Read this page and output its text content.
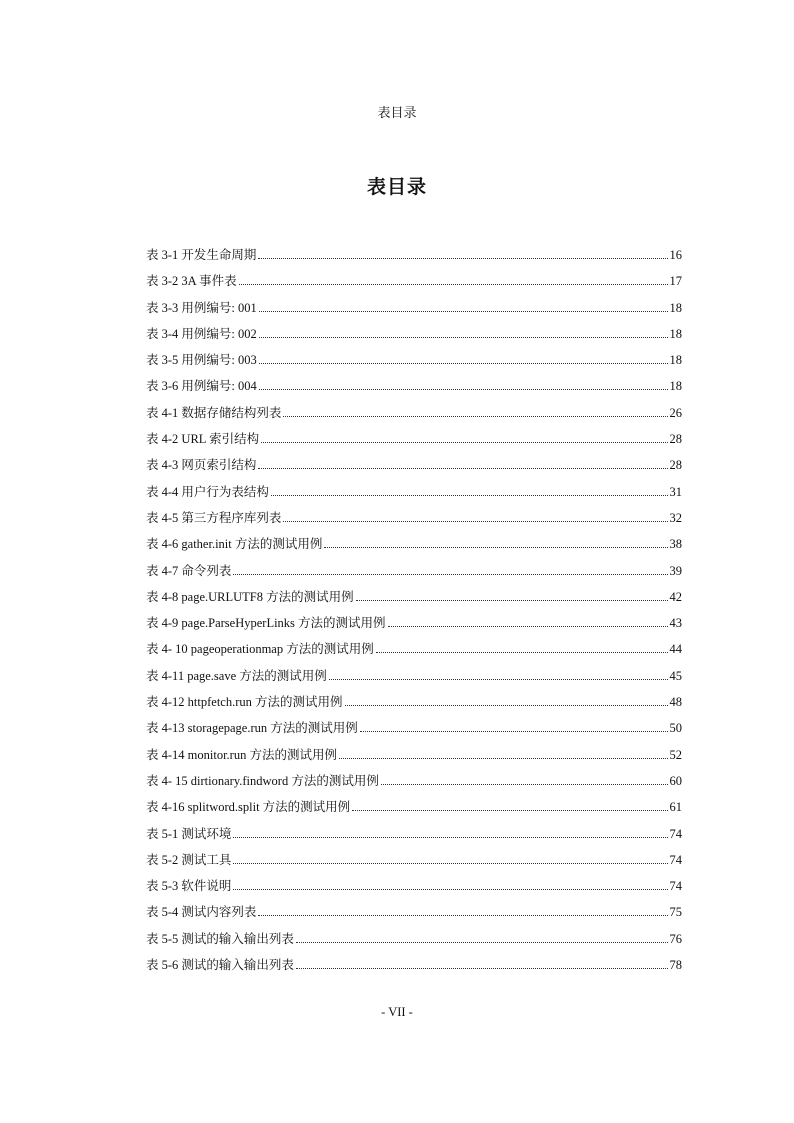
表目录
表目录
表 3-1 开发生命周期	16
表 3-2 3A 事件表	17
表 3-3 用例编号: 001	18
表 3-4 用例编号: 002	18
表 3-5 用例编号: 003	18
表 3-6 用例编号: 004	18
表 4-1 数据存储结构列表	26
表 4-2 URL 索引结构	28
表 4-3 网页索引结构	28
表 4-4 用户行为表结构	31
表 4-5 第三方程序库列表	32
表 4-6 gather.init 方法的测试用例	38
表 4-7 命令列表	39
表 4-8 page.URLUTF8 方法的测试用例	42
表 4-9 page.ParseHyperLinks 方法的测试用例	43
表 4- 10 pageoperationmap 方法的测试用例	44
表 4-11 page.save 方法的测试用例	45
表 4-12 httpfetch.run 方法的测试用例	48
表 4-13 storagepage.run 方法的测试用例	50
表 4-14 monitor.run 方法的测试用例	52
表 4- 15 dirtionary.findword 方法的测试用例	60
表 4-16 splitword.split 方法的测试用例	61
表 5-1 测试环境	74
表 5-2 测试工具	74
表 5-3 软件说明	74
表 5-4 测试内容列表	75
表 5-5 测试的输入输出列表	76
表 5-6 测试的输入输出列表	78
- VII -
